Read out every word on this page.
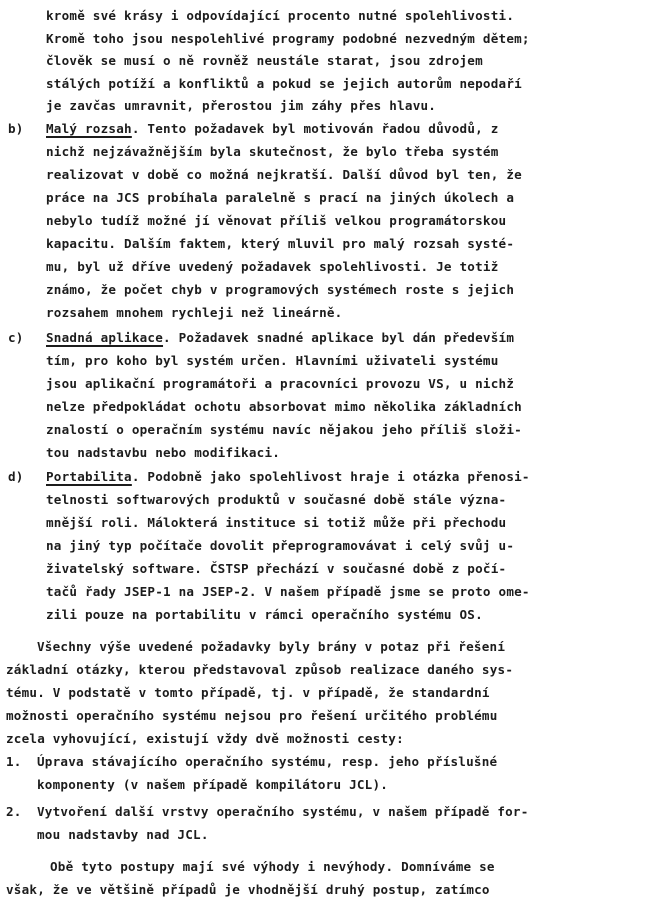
kromě své krásy i odpovídající procento nutné spolehlivosti.
Kromě toho jsou nespolehlivé programy podobné nezvedným dětem;
člověk se musí o ně rovněž neustále starat, jsou zdrojem
stálých potíží a konfliktů a pokud se jejich autorům nepodaří
je zavčas umravnit, přerostou jim záhy přes hlavu.
b) Malý rozsah. Tento požadavek byl motivován řadou důvodů, z
nichž nejzávažnějším byla skutečnost, že bylo třeba systém
realizovat v době co možná nejkratší. Další důvod byl ten, že
práce na JCS probíhala paralelně s prací na jiných úkolech a
nebylo tudíž možné jí věnovat příliš velkou programátorskou
kapacitu. Dalším faktem, který mluvil pro malý rozsah systé-
mu, byl už dříve uvedený požadavek spolehlivosti. Je totiž
známo, že počet chyb v programových systémech roste s jejich
rozsahem mnohem rychleji než lineárně.
c) Snadná aplikace. Požadavek snadné aplikace byl dán především
tím, pro koho byl systém určen. Hlavními uživateli systému
jsou aplikační programátoři a pracovníci provozu VS, u nichž
nelze předpokládat ochotu absorbovat mimo několika základních
znalostí o operačním systému navíc nějakou jeho příliš složi-
tou nadstavbu nebo modifikaci.
d) Portabilita. Podobně jako spolehlivost hraje i otázka přenosi-
telnosti softwarových produktů v současné době stále význa-
mnější roli. Málokterá instituce si totiž může při přechodu
na jiný typ počítače dovolit přeprogramovávat i celý svůj u-
živatelský software. ČSTSP přechází v současné době z počí-
tačů řady JSEP-1 na JSEP-2. V našem případě jsme se proto ome-
zili pouze na portabilitu v rámci operačního systému OS.
Všechny výše uvedené požadavky byly brány v potaz při řešení
základní otázky, kterou představoval způsob realizace daného sys-
tému. V podstatě v tomto případě, tj. v případě, že standardní
možnosti operačního systému nejsou pro řešení určitého problému
zcela vyhovující, existují vždy dvě možnosti cesty:
1. Úprava stávajícího operačního systému, resp. jeho příslušné
komponenty (v našem případě kompilátoru JCL).
2. Vytvoření další vrstvy operačního systému, v našem případě for-
mou nadstavby nad JCL.
Obě tyto postupy mají své výhody i nevýhody. Domníváme se
však, že ve většině případů je vhodnější druhý postup, zatímco
